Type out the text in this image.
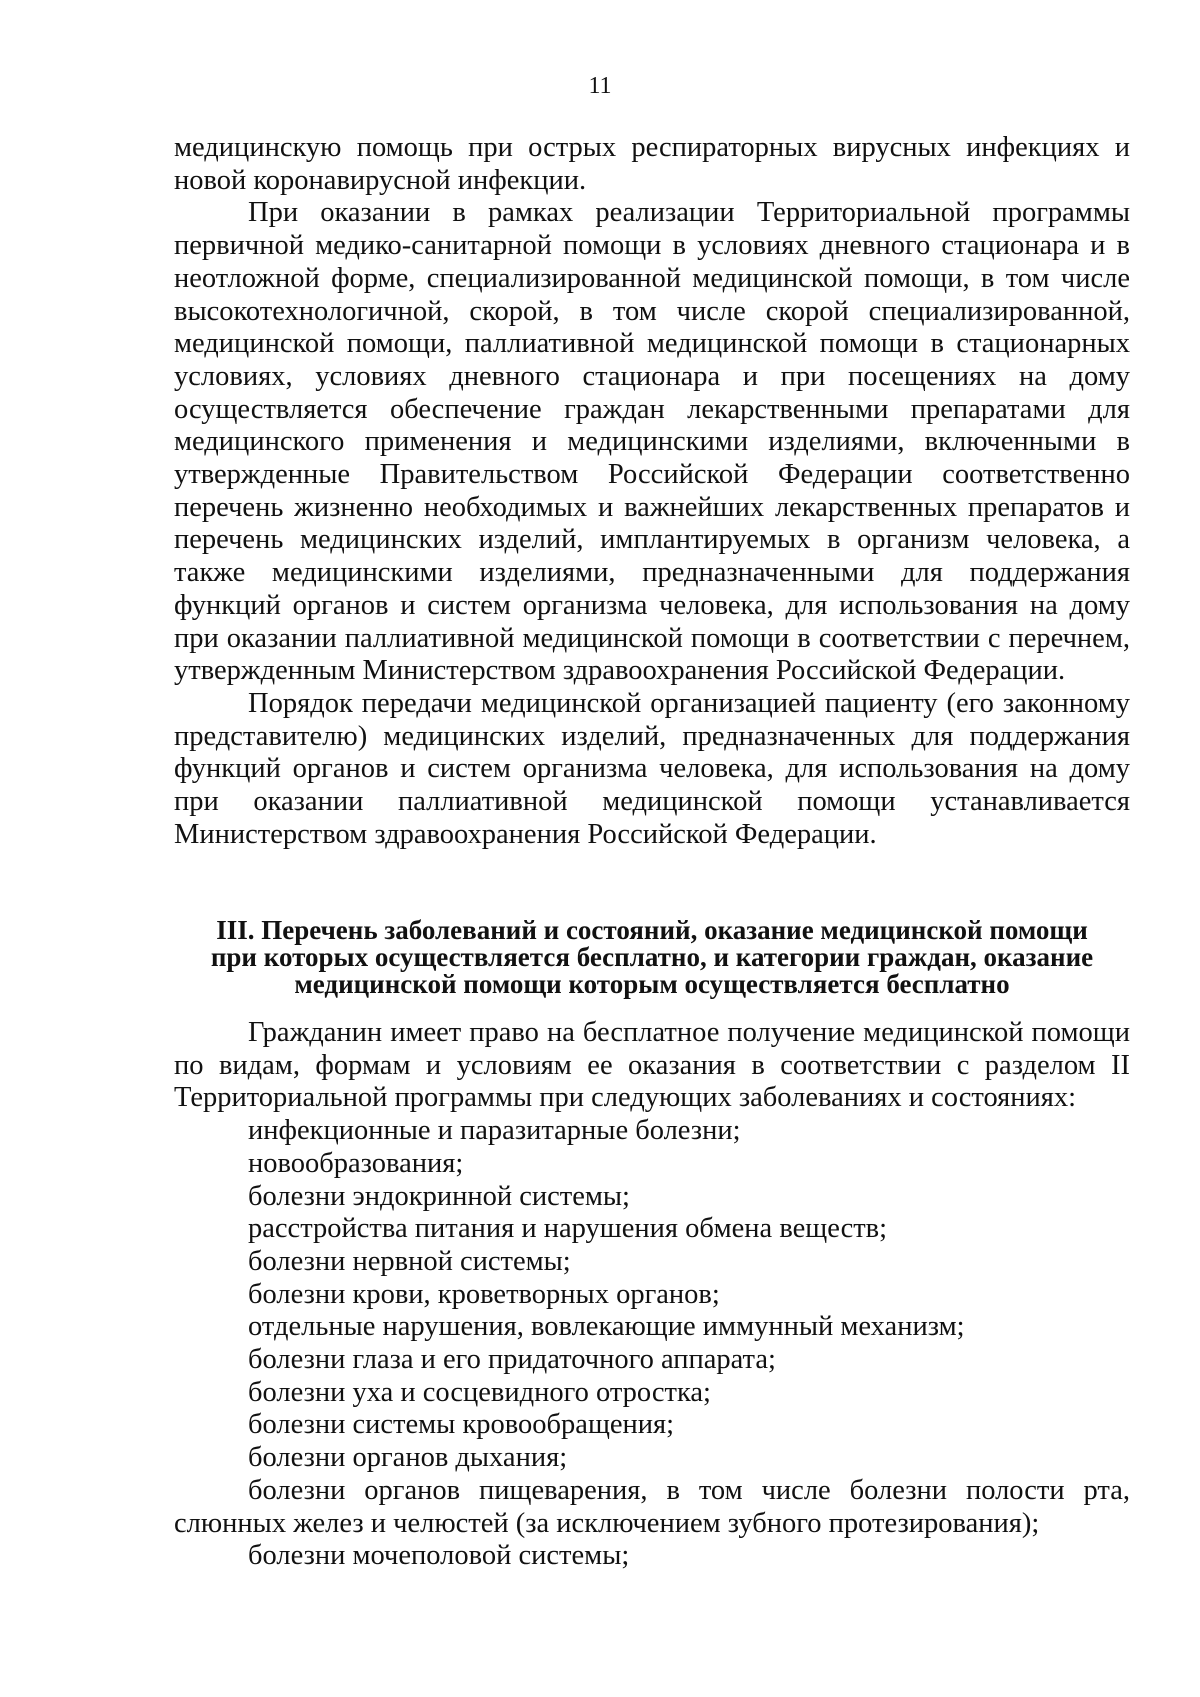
11

медицинскую помощь при острых респираторных вирусных инфекциях и новой коронавирусной инфекции.

При оказании в рамках реализации Территориальной программы первичной медико-санитарной помощи в условиях дневного стационара и в неотложной форме, специализированной медицинской помощи, в том числе высокотехнологичной, скорой, в том числе скорой специализированной, медицинской помощи, паллиативной медицинской помощи в стационарных условиях, условиях дневного стационара и при посещениях на дому осуществляется обеспечение граждан лекарственными препаратами для медицинского применения и медицинскими изделиями, включенными в утвержденные Правительством Российской Федерации соответственно перечень жизненно необходимых и важнейших лекарственных препаратов и перечень медицинских изделий, имплантируемых в организм человека, а также медицинскими изделиями, предназначенными для поддержания функций органов и систем организма человека, для использования на дому при оказании паллиативной медицинской помощи в соответствии с перечнем, утвержденным Министерством здравоохранения Российской Федерации.

Порядок передачи медицинской организацией пациенту (его законному представителю) медицинских изделий, предназначенных для поддержания функций органов и систем организма человека, для использования на дому при оказании паллиативной медицинской помощи устанавливается Министерством здравоохранения Российской Федерации.

III. Перечень заболеваний и состояний, оказание медицинской помощи
при которых осуществляется бесплатно, и категории граждан, оказание
медицинской помощи которым осуществляется бесплатно

Гражданин имеет право на бесплатное получение медицинской помощи по видам, формам и условиям ее оказания в соответствии с разделом II Территориальной программы при следующих заболеваниях и состояниях:

инфекционные и паразитарные болезни;

новообразования;

болезни эндокринной системы;

расстройства питания и нарушения обмена веществ;

болезни нервной системы;

болезни крови, кроветворных органов;

отдельные нарушения, вовлекающие иммунный механизм;

болезни глаза и его придаточного аппарата;

болезни уха и сосцевидного отростка;

болезни системы кровообращения;

болезни органов дыхания;

болезни органов пищеварения, в том числе болезни полости рта, слюнных желез и челюстей (за исключением зубного протезирования);

болезни мочеполовой системы;
